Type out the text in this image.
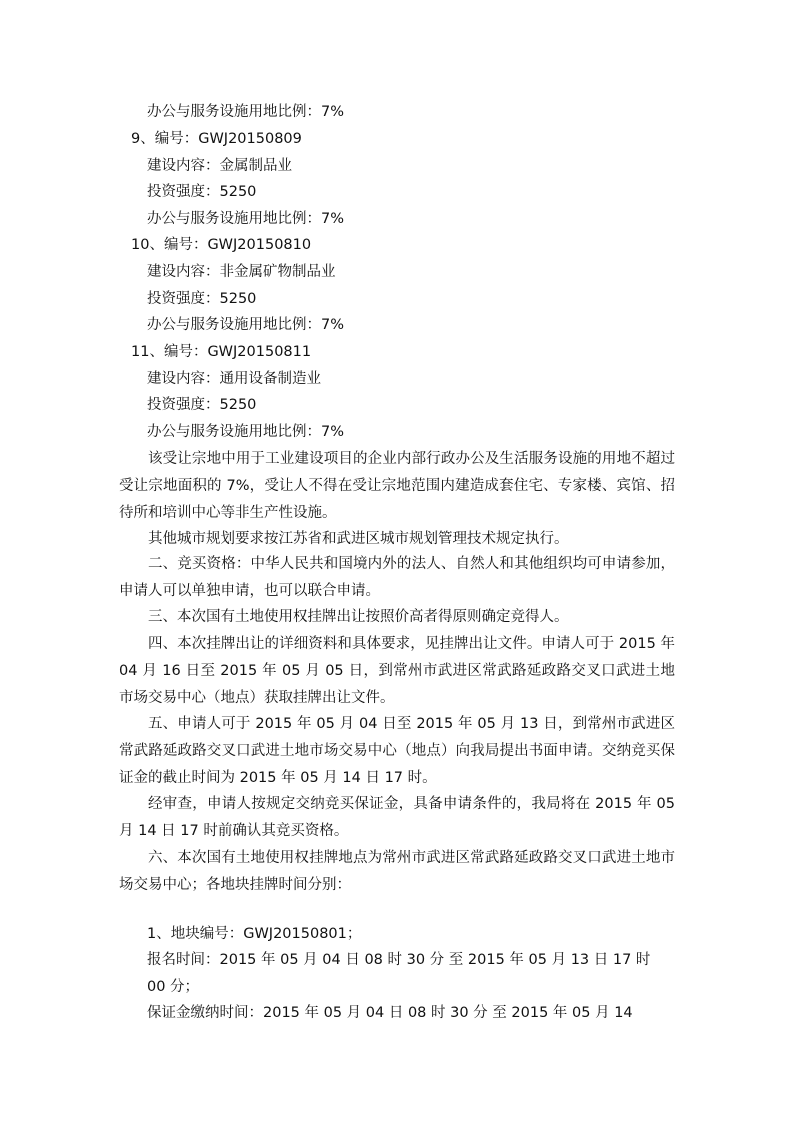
办公与服务设施用地比例：7%
9、编号：GWJ20150809
建设内容：金属制品业
投资强度：5250
办公与服务设施用地比例：7%
10、编号：GWJ20150810
建设内容：非金属矿物制品业
投资强度：5250
办公与服务设施用地比例：7%
11、编号：GWJ20150811
建设内容：通用设备制造业
投资强度：5250
办公与服务设施用地比例：7%
该受让宗地中用于工业建设项目的企业内部行政办公及生活服务设施的用地不超过受让宗地面积的 7%，受让人不得在受让宗地范围内建造成套住宅、专家楼、宾馆、招待所和培训中心等非生产性设施。
其他城市规划要求按江苏省和武进区城市规划管理技术规定执行。
二、竞买资格：中华人民共和国境内外的法人、自然人和其他组织均可申请参加，申请人可以单独申请，也可以联合申请。
三、本次国有土地使用权挂牌出让按照价高者得原则确定竞得人。
四、本次挂牌出让的详细资料和具体要求，见挂牌出让文件。申请人可于 2015 年 04 月 16 日至 2015 年 05 月 05 日，到常州市武进区常武路延政路交叉口武进土地市场交易中心（地点）获取挂牌出让文件。
五、申请人可于 2015 年 05 月 04 日至 2015 年 05 月 13 日，到常州市武进区常武路延政路交叉口武进土地市场交易中心（地点）向我局提出书面申请。交纳竞买保证金的截止时间为 2015 年 05 月 14 日 17 时。
经审查，申请人按规定交纳竞买保证金，具备申请条件的，我局将在 2015 年 05 月 14 日 17 时前确认其竞买资格。
六、本次国有土地使用权挂牌地点为常州市武进区常武路延政路交叉口武进土地市场交易中心；各地块挂牌时间分别：
1、地块编号：GWJ20150801；
报名时间：2015 年 05 月 04 日 08 时 30 分 至 2015 年 05 月 13 日 17 时
00 分；
保证金缴纳时间：2015 年 05 月 04 日 08 时 30 分 至 2015 年 05 月 14
